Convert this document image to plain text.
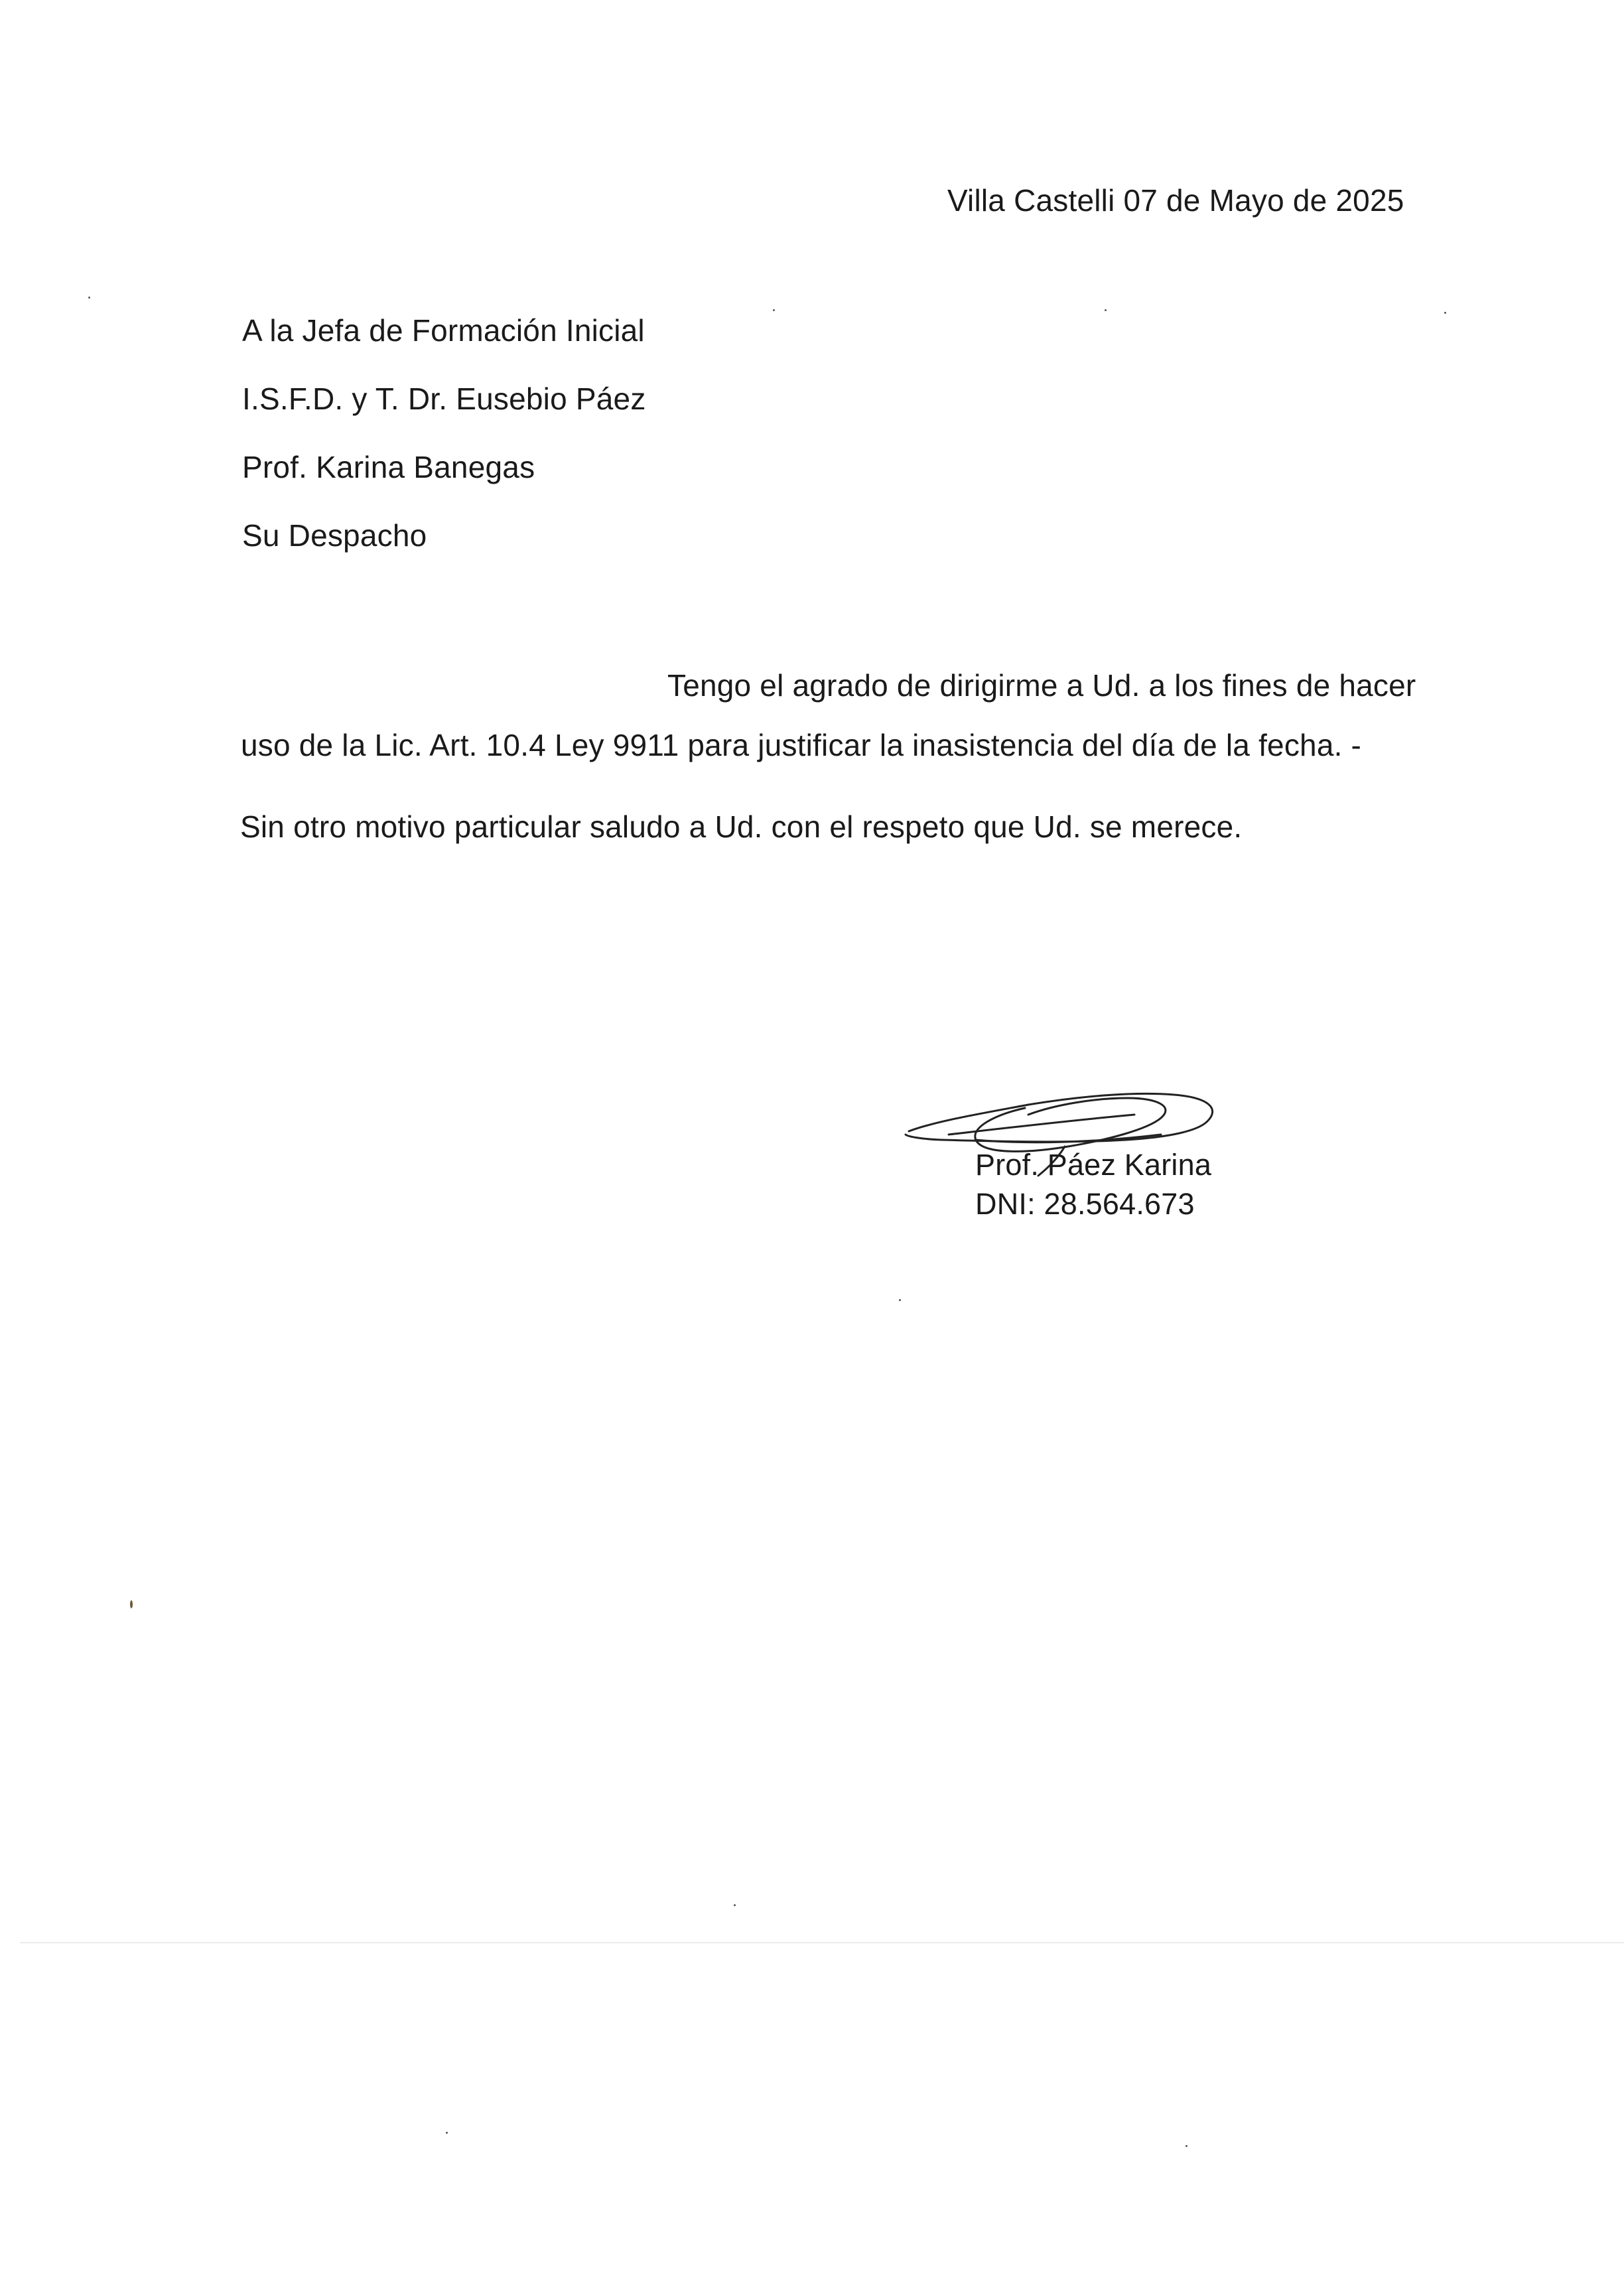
Villa Castelli 07 de Mayo de 2025
A la Jefa de Formación Inicial
I.S.F.D. y T. Dr. Eusebio Páez
Prof. Karina Banegas
Su Despacho
Tengo el agrado de dirigirme a Ud. a los fines de hacer
uso de la Lic. Art. 10.4 Ley 9911 para justificar la inasistencia del día de la fecha. -
Sin otro motivo particular saludo a Ud. con el respeto que Ud. se merece.
Prof. Páez Karina
DNI: 28.564.673
